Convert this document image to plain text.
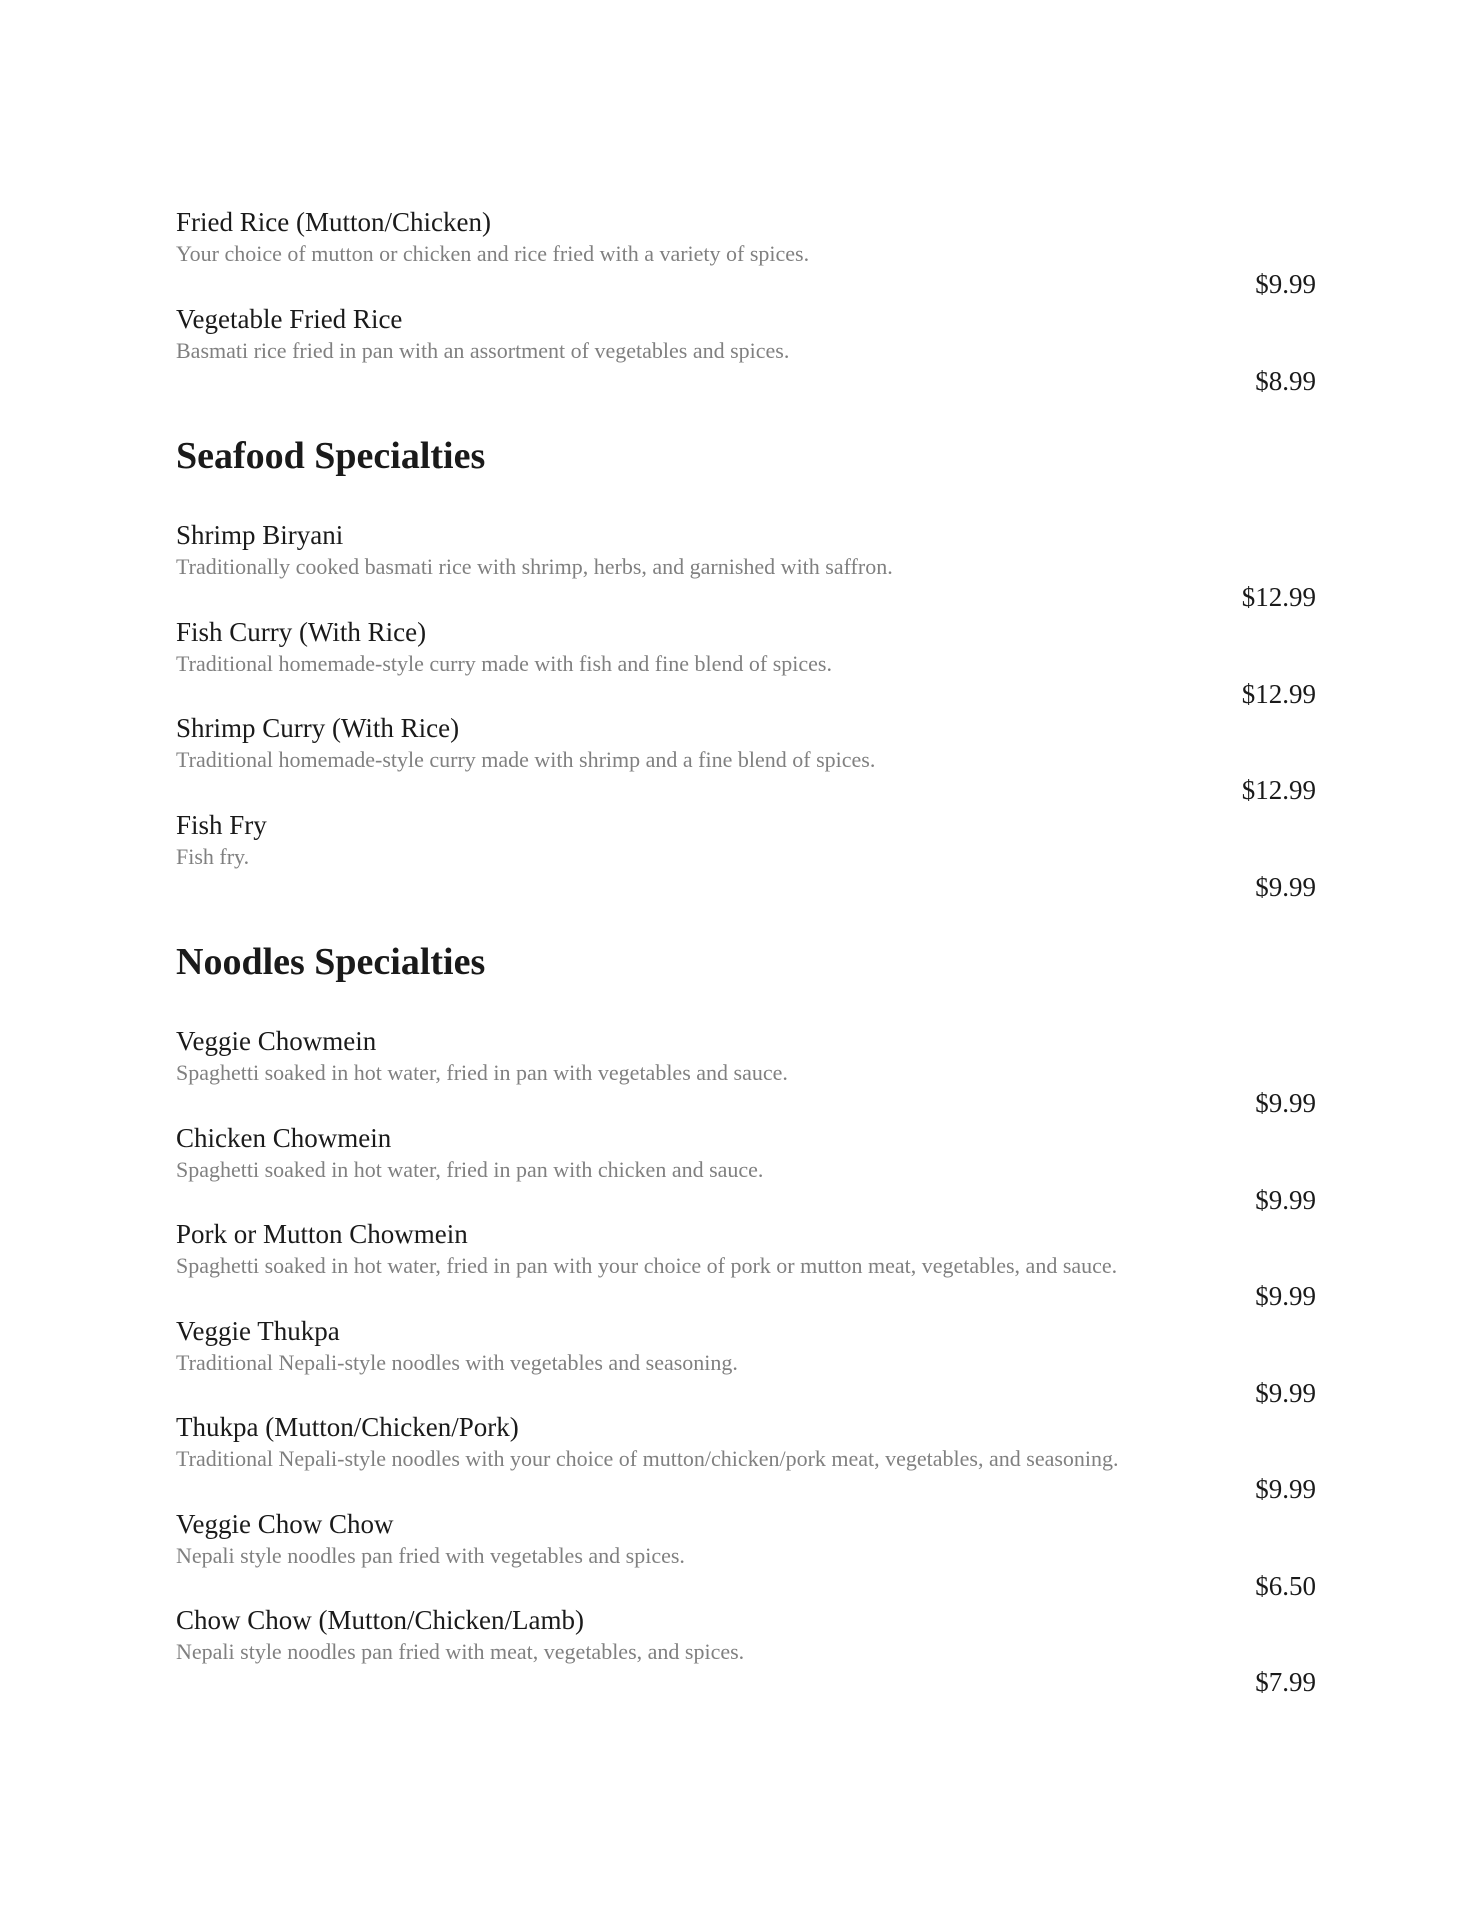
Fried Rice (Mutton/Chicken)
Your choice of mutton or chicken and rice fried with a variety of spices.
$9.99
Vegetable Fried Rice
Basmati rice fried in pan with an assortment of vegetables and spices.
$8.99
Seafood Specialties
Shrimp Biryani
Traditionally cooked basmati rice with shrimp, herbs, and garnished with saffron.
$12.99
Fish Curry (With Rice)
Traditional homemade-style curry made with fish and fine blend of spices.
$12.99
Shrimp Curry (With Rice)
Traditional homemade-style curry made with shrimp and a fine blend of spices.
$12.99
Fish Fry
Fish fry.
$9.99
Noodles Specialties
Veggie Chowmein
Spaghetti soaked in hot water, fried in pan with vegetables and sauce.
$9.99
Chicken Chowmein
Spaghetti soaked in hot water, fried in pan with chicken and sauce.
$9.99
Pork or Mutton Chowmein
Spaghetti soaked in hot water, fried in pan with your choice of pork or mutton meat, vegetables, and sauce.
$9.99
Veggie Thukpa
Traditional Nepali-style noodles with vegetables and seasoning.
$9.99
Thukpa (Mutton/Chicken/Pork)
Traditional Nepali-style noodles with your choice of mutton/chicken/pork meat, vegetables, and seasoning.
$9.99
Veggie Chow Chow
Nepali style noodles pan fried with vegetables and spices.
$6.50
Chow Chow (Mutton/Chicken/Lamb)
Nepali style noodles pan fried with meat, vegetables, and spices.
$7.99
